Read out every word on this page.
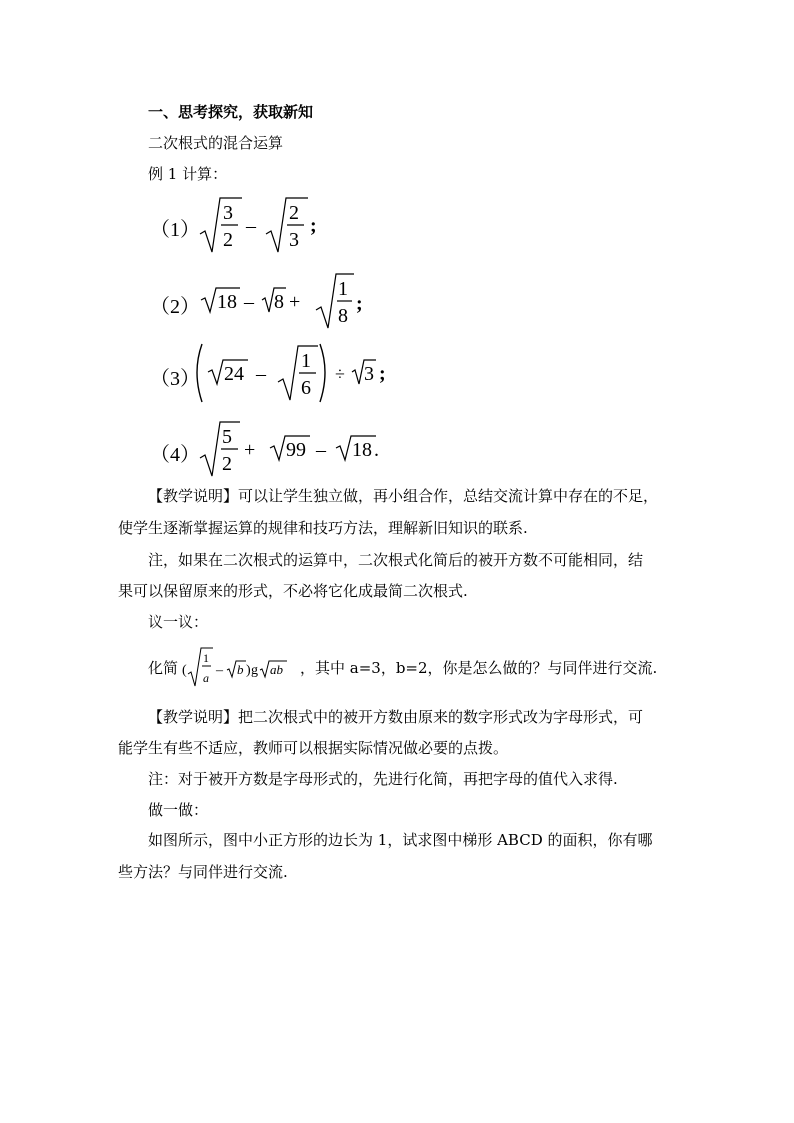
一、思考探究，获取新知
二次根式的混合运算
例 1 计算：
（1）
3
2
–
2
3
;
（2） 18 – 8 +
1
8
;
（3） 24 –
1
6
÷ 3 ;
（4）
5
2
+ 99 – 18 .
【教学说明】可以让学生独立做，再小组合作，总结交流计算中存在的不足，
使学生逐渐掌握运算的规律和技巧方法，理解新旧知识的联系.
注，如果在二次根式的运算中，二次根式化简后的被开方数不可能相同，结
果可以保留原来的形式，不必将它化成最简二次根式.
议一议：
化简 (
1
a – b ) g ab ，其中 a=3，b=2，你是怎么做的？与同伴进行交流.
【教学说明】把二次根式中的被开方数由原来的数字形式改为字母形式，可
能学生有些不适应，教师可以根据实际情况做必要的点拨。
注：对于被开方数是字母形式的，先进行化简，再把字母的值代入求得.
做一做：
如图所示，图中小正方形的边长为 1，试求图中梯形 ABCD 的面积，你有哪
些方法？与同伴进行交流.
